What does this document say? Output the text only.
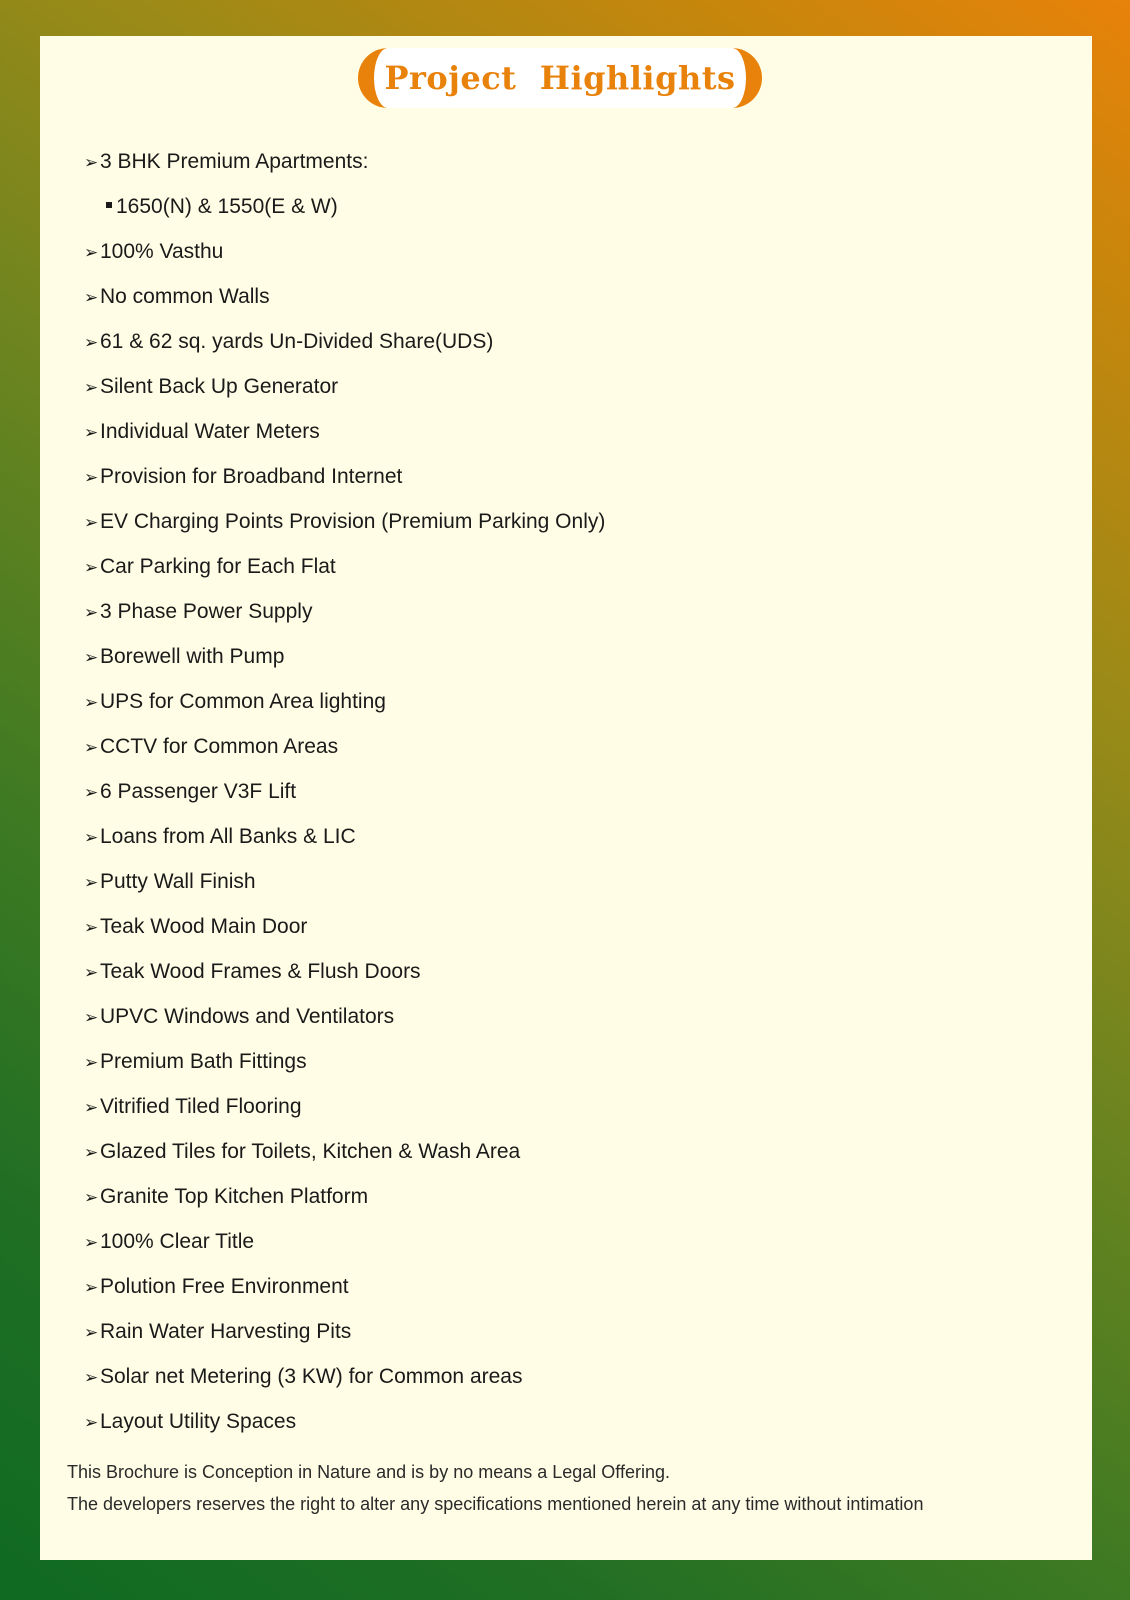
Project  Highlights
➢3 BHK Premium Apartments:
1650(N) & 1550(E & W)
➢100% Vasthu
➢No common Walls
➢61 & 62 sq. yards Un-Divided Share(UDS)
➢Silent Back Up Generator
➢Individual Water Meters
➢Provision for Broadband Internet
➢EV Charging Points Provision (Premium Parking Only)
➢Car Parking for Each Flat
➢3 Phase Power Supply
➢Borewell with Pump
➢UPS for Common Area lighting
➢CCTV for Common Areas
➢6 Passenger V3F Lift
➢Loans from All Banks & LIC
➢Putty Wall Finish
➢Teak Wood Main Door
➢Teak Wood Frames & Flush Doors
➢UPVC Windows and Ventilators
➢Premium Bath Fittings
➢Vitrified Tiled Flooring
➢Glazed Tiles for Toilets, Kitchen & Wash Area
➢Granite Top Kitchen Platform
➢100% Clear Title
➢Polution Free Environment
➢Rain Water Harvesting Pits
➢Solar net Metering (3 KW) for Common areas
➢Layout Utility Spaces
This Brochure is Conception in Nature and is by no means a Legal Offering.
The developers reserves the right to alter any specifications mentioned herein at any time without intimation
